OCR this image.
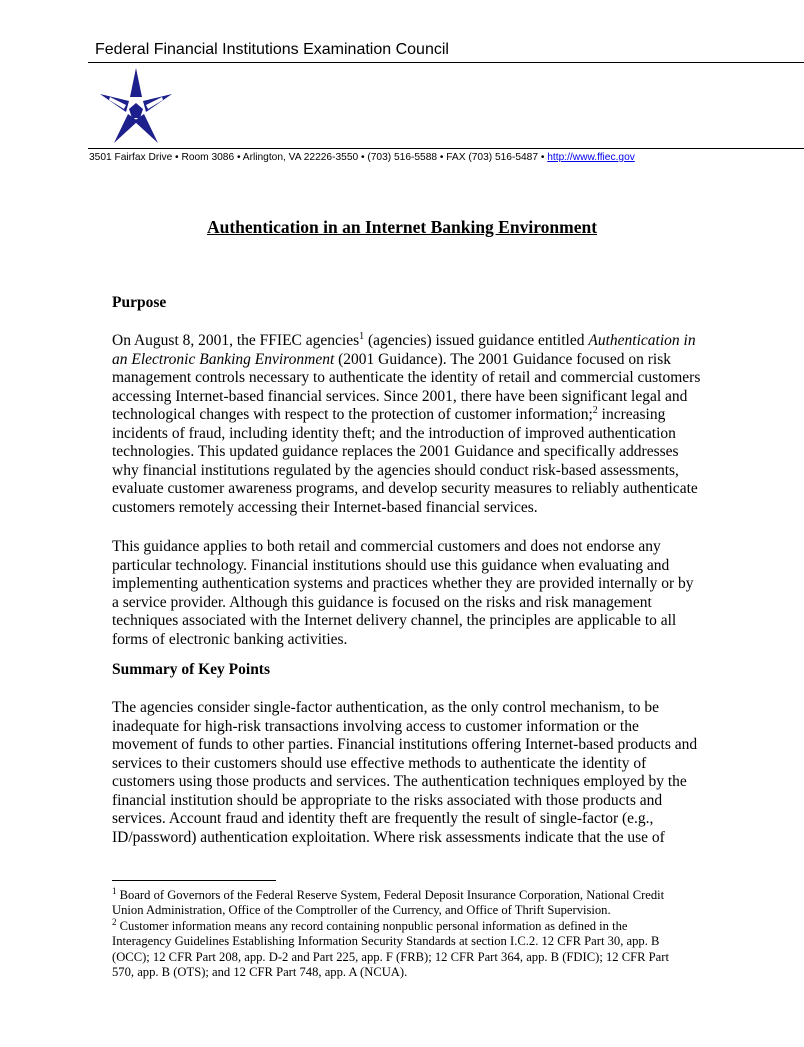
Federal Financial Institutions Examination Council
3501 Fairfax Drive • Room 3086 • Arlington, VA 22226-3550 • (703) 516-5588 • FAX (703) 516-5487 • http://www.ffiec.gov
Authentication in an Internet Banking Environment
Purpose
On August 8, 2001, the FFIEC agencies$^1$ (agencies) issued guidance entitled Authentication in
an Electronic Banking Environment (2001 Guidance). The 2001 Guidance focused on risk
management controls necessary to authenticate the identity of retail and commercial customers
accessing Internet-based financial services. Since 2001, there have been significant legal and
technological changes with respect to the protection of customer information;$^2$ increasing
incidents of fraud, including identity theft; and the introduction of improved authentication
technologies. This updated guidance replaces the 2001 Guidance and specifically addresses
why financial institutions regulated by the agencies should conduct risk-based assessments,
evaluate customer awareness programs, and develop security measures to reliably authenticate
customers remotely accessing their Internet-based financial services.
This guidance applies to both retail and commercial customers and does not endorse any
particular technology. Financial institutions should use this guidance when evaluating and
implementing authentication systems and practices whether they are provided internally or by
a service provider. Although this guidance is focused on the risks and risk management
techniques associated with the Internet delivery channel, the principles are applicable to all
forms of electronic banking activities.
Summary of Key Points
The agencies consider single-factor authentication, as the only control mechanism, to be
inadequate for high-risk transactions involving access to customer information or the
movement of funds to other parties. Financial institutions offering Internet-based products and
services to their customers should use effective methods to authenticate the identity of
customers using those products and services. The authentication techniques employed by the
financial institution should be appropriate to the risks associated with those products and
services. Account fraud and identity theft are frequently the result of single-factor (e.g.,
ID/password) authentication exploitation. Where risk assessments indicate that the use of
$^1$ Board of Governors of the Federal Reserve System, Federal Deposit Insurance Corporation, National Credit
Union Administration, Office of the Comptroller of the Currency, and Office of Thrift Supervision.
$^2$ Customer information means any record containing nonpublic personal information as defined in the
Interagency Guidelines Establishing Information Security Standards at section I.C.2. 12 CFR Part 30, app. B
(OCC); 12 CFR Part 208, app. D-2 and Part 225, app. F (FRB); 12 CFR Part 364, app. B (FDIC); 12 CFR Part
570, app. B (OTS); and 12 CFR Part 748, app. A (NCUA).
